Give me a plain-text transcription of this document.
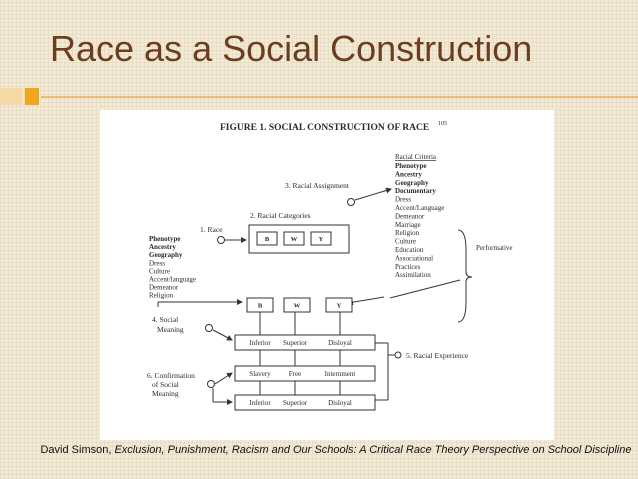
Race as a Social Construction
FIGURE 1. SOCIAL CONSTRUCTION OF RACE 105
3. Racial Assignment
Racial Criteria
Phenotype
Ancestry
Geography
Documentary
Dress
Accent/Language
Demeanor
Marriage
Religion
Culture
Education
Associational
Practices
Assimilation
Performative
2. Racial Categories
B	W	Y
1. Race
Phenotype
Ancestry
Geography
Dress
Culture
Accent/language
Demeanor
Religion
B	W	Y
4. Social
Meaning
Inferior Superior	Disloyal
5. Racial Experience
Slavery	Free	Internment
6. Confirmation
of Social
Meaning
Inferior Superior	Disloyal

David Simson, Exclusion, Punishment, Racism and Our Schools: A Critical Race Theory Perspective on School Discipline
